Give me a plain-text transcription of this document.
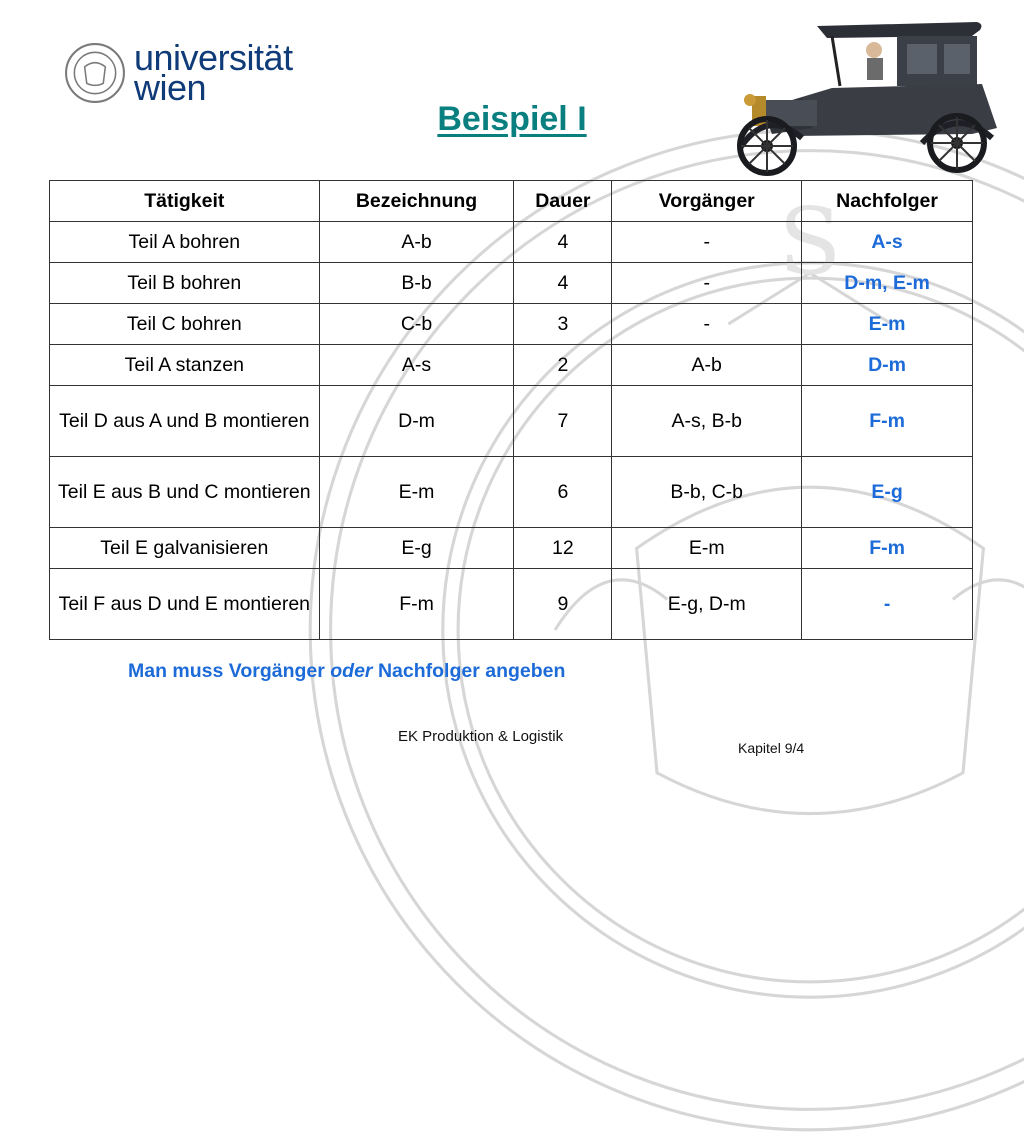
S
universität
wien
Beispiel I
Tätigkeit	Bezeichnung	Dauer	Vorgänger	Nachfolger
Teil A bohren	A-b	4	-	A-s
Teil B bohren	B-b	4	-	D-m, E-m
Teil C bohren	C-b	3	-	E-m
Teil A stanzen	A-s	2	A-b	D-m
Teil D aus A und B montieren	D-m	7	A-s, B-b	F-m
Teil E aus B und C montieren	E-m	6	B-b, C-b	E-g
Teil E galvanisieren	E-g	12	E-m	F-m
Teil F aus D und E montieren	F-m	9	E-g, D-m	-
Man muss Vorgänger oder Nachfolger angeben
EK Produktion & Logistik
Kapitel 9/4
